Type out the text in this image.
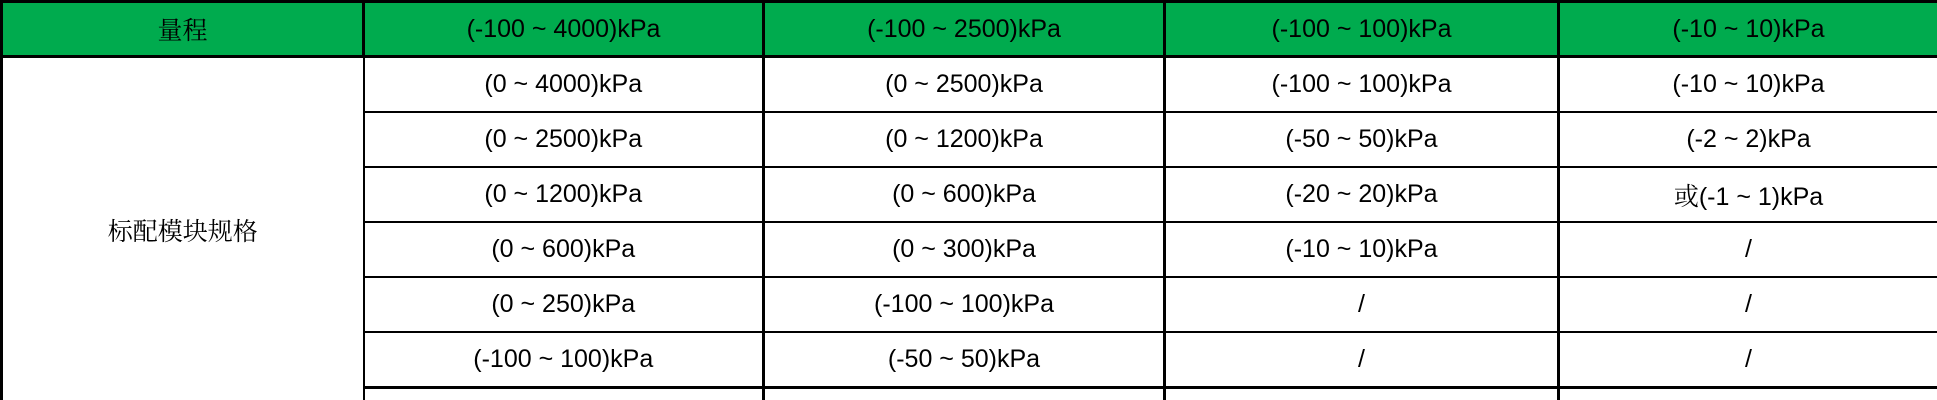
量程	(-100 ~ 4000)kPa	(-100 ~ 2500)kPa	(-100 ~ 100)kPa	(-10 ~ 10)kPa
标配模块规格	(0 ~ 4000)kPa	(0 ~ 2500)kPa	(-100 ~ 100)kPa	(-10 ~ 10)kPa
	(0 ~ 2500)kPa	(0 ~ 1200)kPa	(-50 ~ 50)kPa	(-2 ~ 2)kPa
	(0 ~ 1200)kPa	(0 ~ 600)kPa	(-20 ~ 20)kPa	或(-1 ~ 1)kPa
	(0 ~ 600)kPa	(0 ~ 300)kPa	(-10 ~ 10)kPa	/
	(0 ~ 250)kPa	(-100 ~ 100)kPa	/	/
	(-100 ~ 100)kPa	(-50 ~ 50)kPa	/	/
